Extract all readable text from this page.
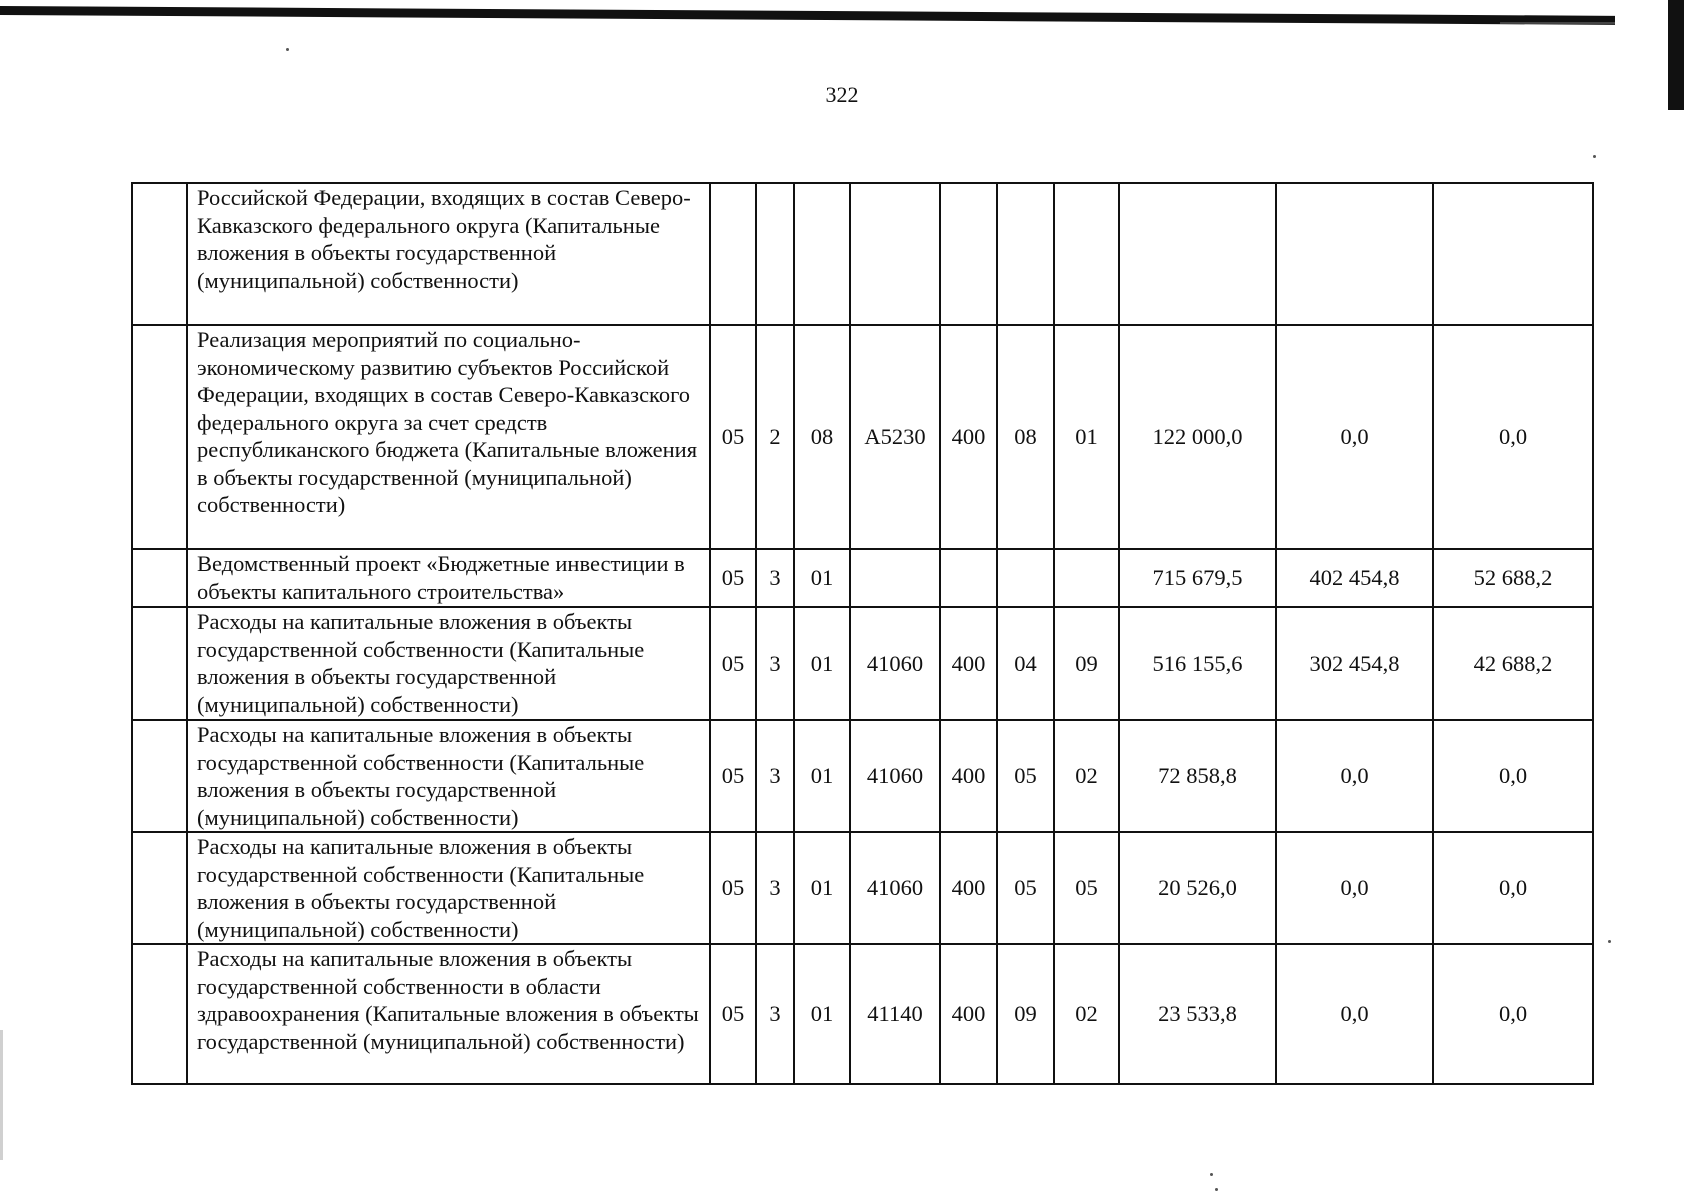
322
	Российской Федерации, входящих в состав Северо-Кавказского федерального округа (Капитальные вложения в объекты государственной (муниципальной) собственности)										
	Реализация мероприятий по социально-экономическому развитию субъектов Российской Федерации, входящих в состав Северо-Кавказского федерального округа за счет средств республиканского бюджета (Капитальные вложения в объекты государственной (муниципальной) собственности)	05	2	08	А5230	400	08	01	122 000,0	0,0	0,0
	Ведомственный проект «Бюджетные инвестиции в объекты капитального строительства»	05	3	01					715 679,5	402 454,8	52 688,2
	Расходы на капитальные вложения в объекты государственной собственности (Капитальные вложения в объекты государственной (муниципальной) собственности)	05	3	01	41060	400	04	09	516 155,6	302 454,8	42 688,2
	Расходы на капитальные вложения в объекты государственной собственности (Капитальные вложения в объекты государственной (муниципальной) собственности)	05	3	01	41060	400	05	02	72 858,8	0,0	0,0
	Расходы на капитальные вложения в объекты государственной собственности (Капитальные вложения в объекты государственной (муниципальной) собственности)	05	3	01	41060	400	05	05	20 526,0	0,0	0,0
	Расходы на капитальные вложения в объекты государственной собственности в области здравоохранения (Капитальные вложения в объекты государственной (муниципальной) собственности)	05	3	01	41140	400	09	02	23 533,8	0,0	0,0
